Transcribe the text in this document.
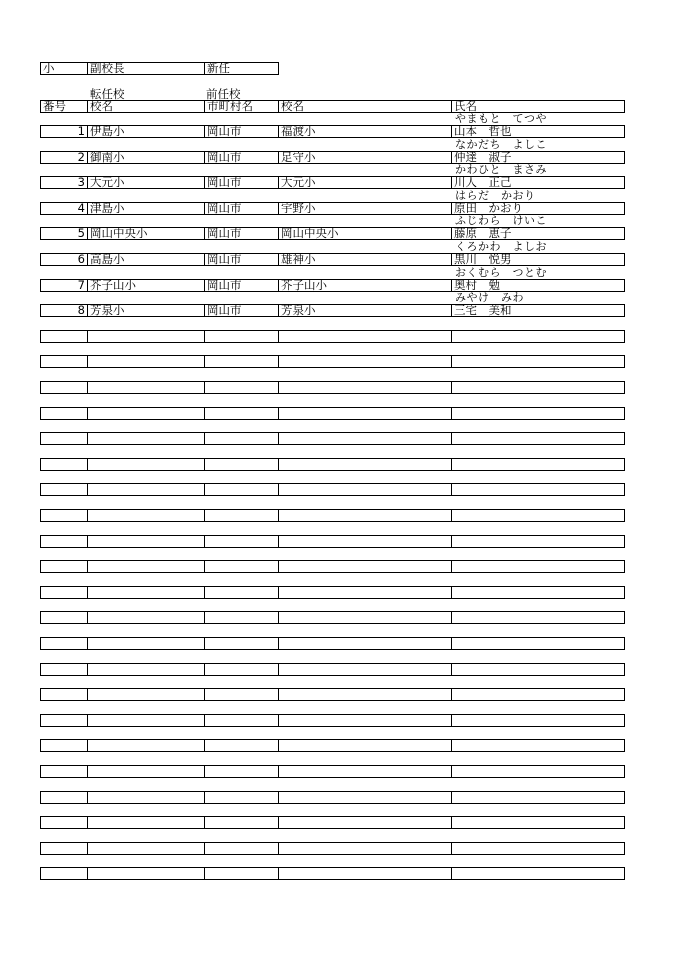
小	副校長	新任
転任校	前任校
番号	校名	市町村名	校名	氏名
1 伊島小	岡山市	福渡小	山本　哲也
やまもと　てつや
2 御南小	岡山市	足守小	仲達　淑子
なかだち　よしこ
3 大元小	岡山市	大元小	川人　正己
かわひと　まさみ
4 津島小	岡山市	宇野小	原田　かおり
はらだ　かおり
5 岡山中央小	岡山市	岡山中央小	藤原　恵子
ふじわら　けいこ
6 高島小	岡山市	雄神小	黒川　悦男
くろかわ　よしお
7 芥子山小	岡山市	芥子山小	奥村　勉
おくむら　つとむ
8 芳泉小	岡山市	芳泉小	三宅　美和
みやけ　みわ
